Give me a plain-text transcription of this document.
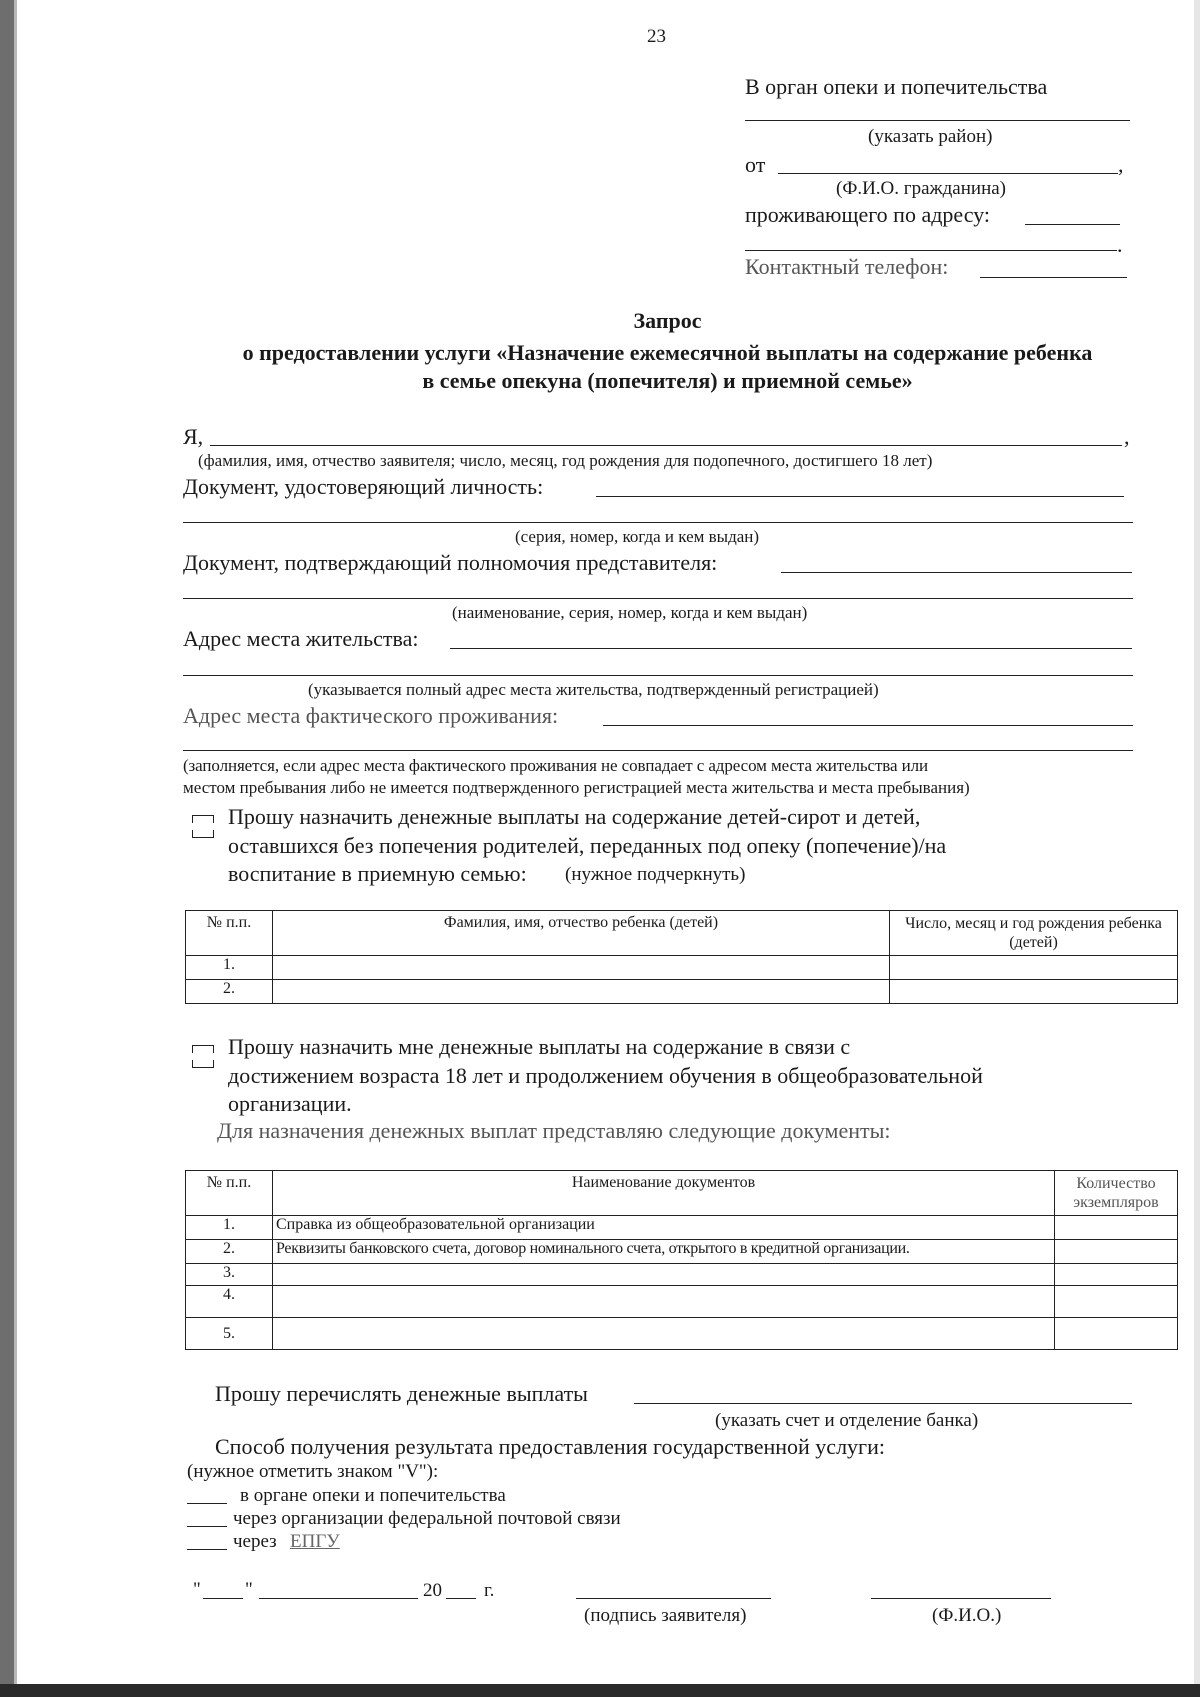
23
В орган опеки и попечительства
(указать район)
от	,
(Ф.И.О. гражданина)
проживающего по адресу:
.
Контактный телефон:
Запрос
о предоставлении услуги «Назначение ежемесячной выплаты на содержание ребенка
в семье опекуна (попечителя) и приемной семье»
Я,	,
(фамилия, имя, отчество заявителя; число, месяц, год рождения для подопечного, достигшего 18 лет)
Документ, удостоверяющий личность:
(серия, номер, когда и кем выдан)
Документ, подтверждающий полномочия представителя:
(наименование, серия, номер, когда и кем выдан)
Адрес места жительства:
(указывается полный адрес места жительства, подтвержденный регистрацией)
Адрес места фактического проживания:
(заполняется, если адрес места фактического проживания не совпадает с адресом места жительства или
местом пребывания либо не имеется подтвержденного регистрацией места жительства и места пребывания)
Прошу назначить денежные выплаты на содержание детей-сирот и детей,
оставшихся без попечения родителей, переданных под опеку (попечение)/на
воспитание в приемную семью: (нужное подчеркнуть)
№ п.п.	Фамилия, имя, отчество ребенка (детей)	Число, месяц и год рождения ребенка (детей)
1.		
2.		
Прошу назначить мне денежные выплаты на содержание в связи с
достижением возраста 18 лет и продолжением обучения в общеобразовательной
организации.
Для назначения денежных выплат представляю следующие документы:
№ п.п.	Наименование документов	Количество экземпляров
1.	Справка из общеобразовательной организации	
2.	Реквизиты банковского счета, договор номинального счета, открытого в кредитной организации.	
3.		
4.		
5.		
Прошу перечислять денежные выплаты
(указать счет и отделение банка)
Способ получения результата предоставления государственной услуги:
(нужное отметить знаком "V"):
в органе опеки и попечительства
через организации федеральной почтовой связи
через ЕПГУ
" "	20 г.
(подпись заявителя)	(Ф.И.О.)
